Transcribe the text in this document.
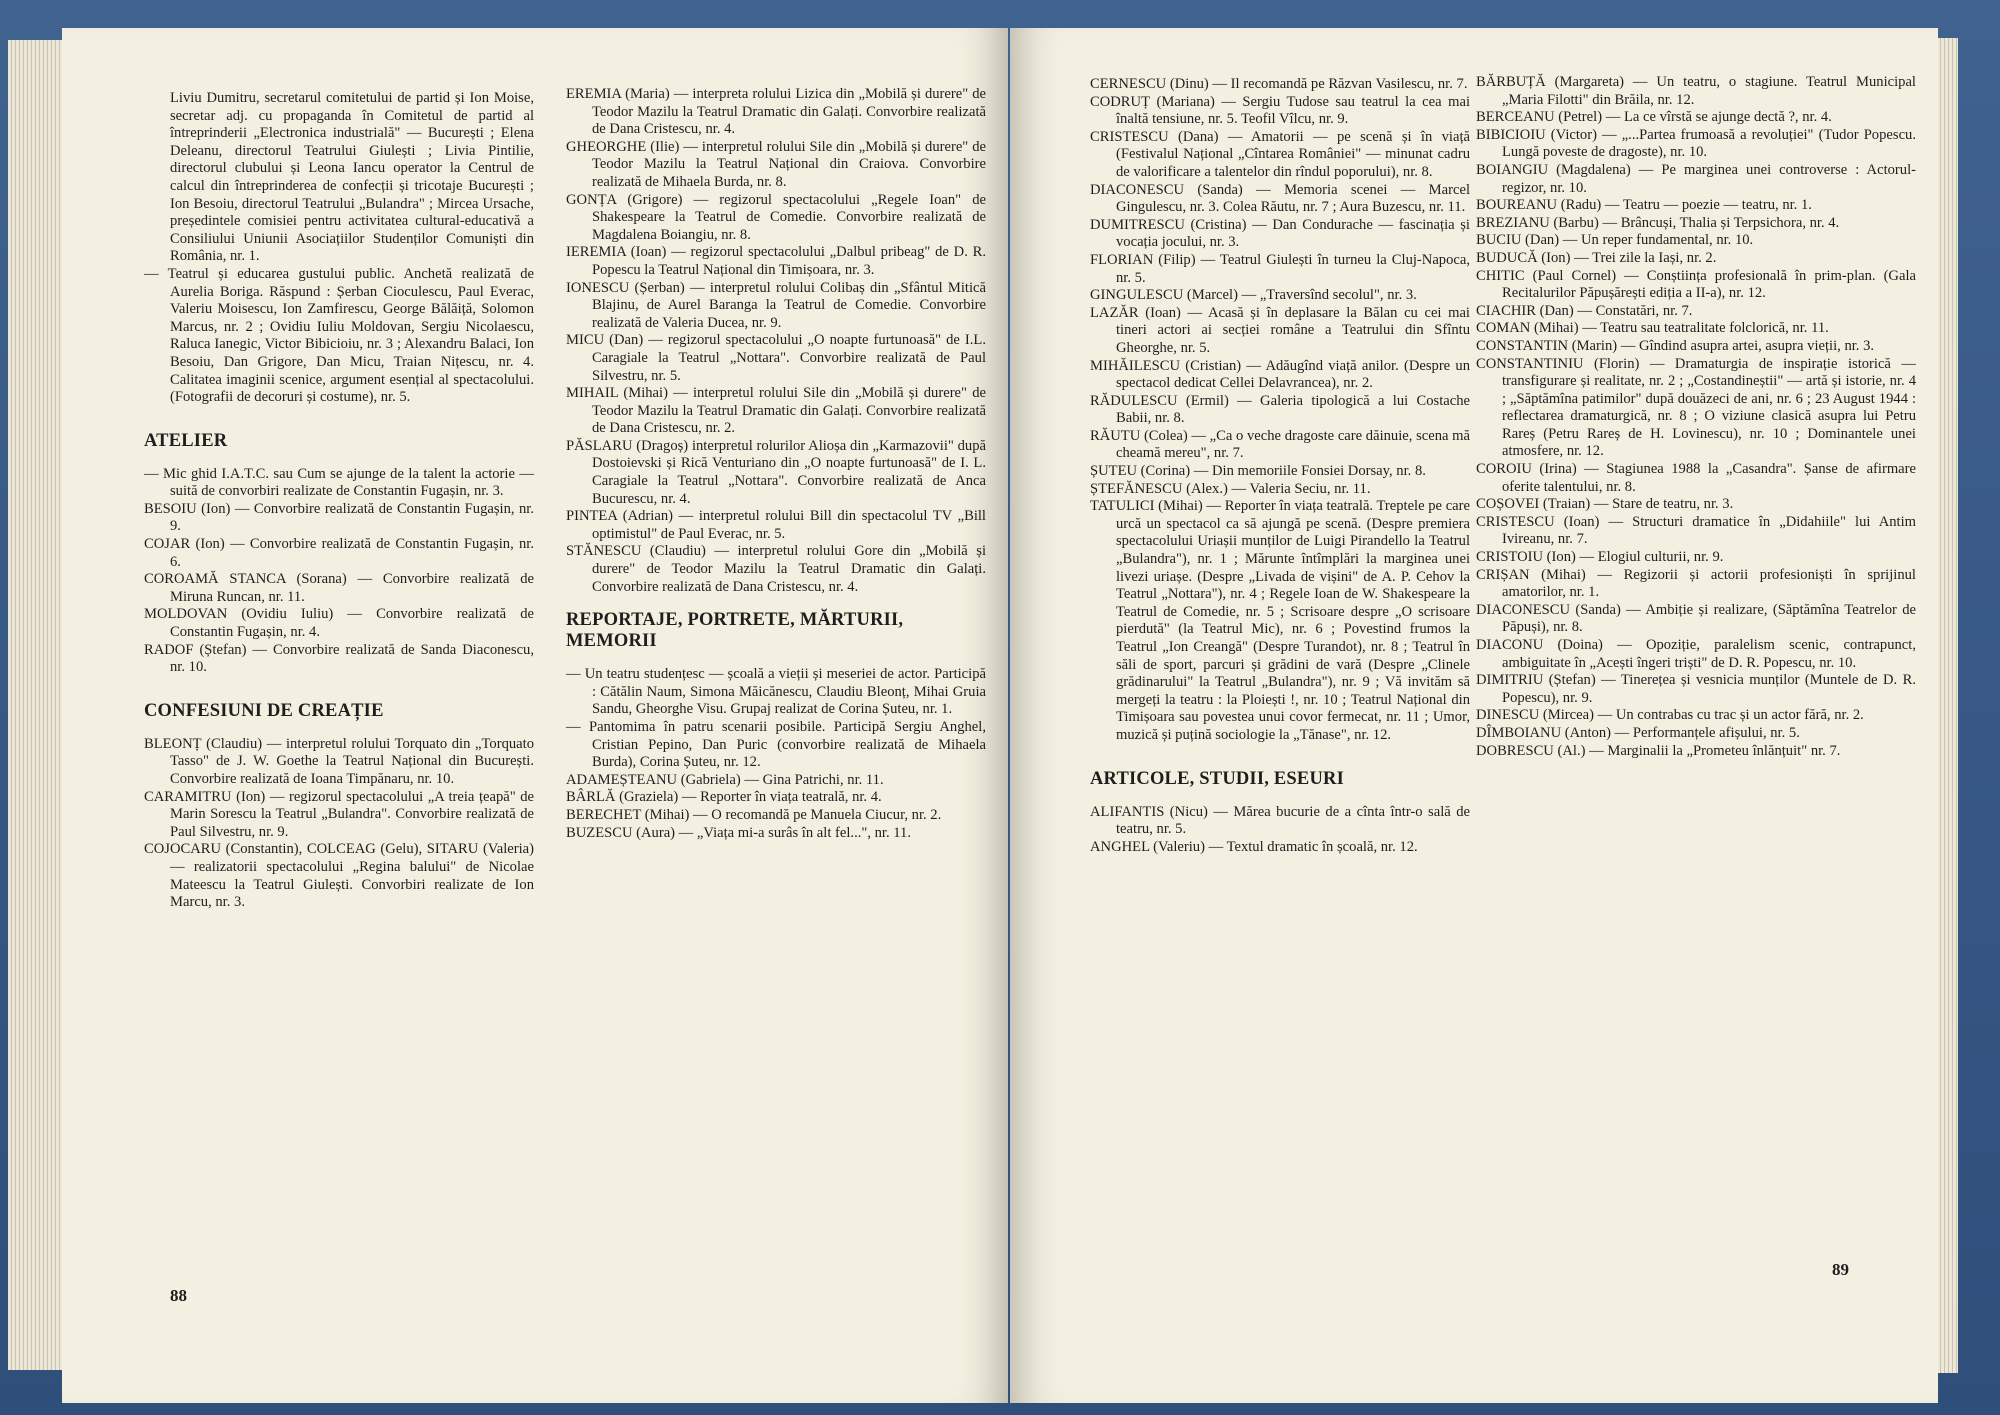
Liviu Dumitru, secretarul comitetului de partid și Ion Moise, secretar adj. cu propaganda în Comitetul de partid al întreprinderii „Electronica industrială" — București ; Elena Deleanu, directorul Teatrului Giulești ; Livia Pintilie, directorul clubului și Leona Iancu operator la Centrul de calcul din întreprinderea de confecții și tricotaje București ; Ion Besoiu, directorul Teatrului „Bulandra" ; Mircea Ursache, președintele comisiei pentru activitatea cultural-educativă a Consiliului Uniunii Asociațiilor Studenților Comuniști din România, nr. 1.

— Teatrul și educarea gustului public. Anchetă realizată de Aurelia Boriga. Răspund : Șerban Cioculescu, Paul Everac, Valeriu Moisescu, Ion Zamfirescu, George Bălăiță, Solomon Marcus, nr. 2 ; Ovidiu Iuliu Moldovan, Sergiu Nicolaescu, Raluca Ianegic, Victor Bibicioiu, nr. 3 ; Alexandru Balaci, Ion Besoiu, Dan Grigore, Dan Micu, Traian Nițescu, nr. 4. Calitatea imaginii scenice, argument esențial al spectacolului. (Fotografii de decoruri și costume), nr. 5.

ATELIER

— Mic ghid I.A.T.C. sau Cum se ajunge de la talent la actorie — suită de convorbiri realizate de Constantin Fugașin, nr. 3.

BESOIU (Ion) — Convorbire realizată de Constantin Fugașin, nr. 9.

COJAR (Ion) — Convorbire realizată de Constantin Fugașin, nr. 6.

COROAMĂ STANCA (Sorana) — Convorbire realizată de Miruna Runcan, nr. 11.

MOLDOVAN (Ovidiu Iuliu) — Convorbire realizată de Constantin Fugașin, nr. 4.

RADOF (Ștefan) — Convorbire realizată de Sanda Diaconescu, nr. 10.

CONFESIUNI DE CREAȚIE

BLEONȚ (Claudiu) — interpretul rolului Torquato din „Torquato Tasso" de J. W. Goethe la Teatrul Național din București. Convorbire realizată de Ioana Timpănaru, nr. 10.

CARAMITRU (Ion) — regizorul spectacolului „A treia țeapă" de Marin Sorescu la Teatrul „Bulandra". Convorbire realizată de Paul Silvestru, nr. 9.

COJOCARU (Constantin), COLCEAG (Gelu), SITARU (Valeria) — realizatorii spectacolului „Regina balului" de Nicolae Mateescu la Teatrul Giulești. Convorbiri realizate de Ion Marcu, nr. 3.

EREMIA (Maria) — interpreta rolului Lizica din „Mobilă și durere" de Teodor Mazilu la Teatrul Dramatic din Galați. Convorbire realizată de Dana Cristescu, nr. 4.

GHEORGHE (Ilie) — interpretul rolului Sile din „Mobilă și durere" de Teodor Mazilu la Teatrul Național din Craiova. Convorbire realizată de Mihaela Burda, nr. 8.

GONȚA (Grigore) — regizorul spectacolului „Regele Ioan" de Shakespeare la Teatrul de Comedie. Convorbire realizată de Magdalena Boiangiu, nr. 8.

IEREMIA (Ioan) — regizorul spectacolului „Dalbul pribeag" de D. R. Popescu la Teatrul Național din Timișoara, nr. 3.

IONESCU (Șerban) — interpretul rolului Colibaș din „Sfântul Mitică Blajinu, de Aurel Baranga la Teatrul de Comedie. Convorbire realizată de Valeria Ducea, nr. 9.

MICU (Dan) — regizorul spectacolului „O noapte furtunoasă" de I.L. Caragiale la Teatrul „Nottara". Convorbire realizată de Paul Silvestru, nr. 5.

MIHAIL (Mihai) — interpretul rolului Sile din „Mobilă și durere" de Teodor Mazilu la Teatrul Dramatic din Galați. Convorbire realizată de Dana Cristescu, nr. 2.

PĂSLARU (Dragoș) interpretul rolurilor Alioșa din „Karmazovii" după Dostoievski și Rică Venturiano din „O noapte furtunoasă" de I. L. Caragiale la Teatrul „Nottara". Convorbire realizată de Anca Bucurescu, nr. 4.

PINTEA (Adrian) — interpretul rolului Bill din spectacolul TV „Bill optimistul" de Paul Everac, nr. 5.

STĂNESCU (Claudiu) — interpretul rolului Gore din „Mobilă și durere" de Teodor Mazilu la Teatrul Dramatic din Galați. Convorbire realizată de Dana Cristescu, nr. 4.

REPORTAJE, PORTRETE, MĂRTURII, MEMORII

— Un teatru studențesc — școală a vieții și meseriei de actor. Participă : Cătălin Naum, Simona Măicănescu, Claudiu Bleonț, Mihai Gruia Sandu, Gheorghe Visu. Grupaj realizat de Corina Șuteu, nr. 1.

— Pantomima în patru scenarii posibile. Participă Sergiu Anghel, Cristian Pepino, Dan Puric (convorbire realizată de Mihaela Burda), Corina Șuteu, nr. 12.

ADAMEȘTEANU (Gabriela) — Gina Patrichi, nr. 11.

BÂRLĂ (Graziela) — Reporter în viața teatrală, nr. 4.

BERECHET (Mihai) — O recomandă pe Manuela Ciucur, nr. 2.

BUZESCU (Aura) — „Viața mi-a surâs în alt fel...", nr. 11.

88

CERNESCU (Dinu) — Il recomandă pe Răzvan Vasilescu, nr. 7.

CODRUȚ (Mariana) — Sergiu Tudose sau teatrul la cea mai înaltă tensiune, nr. 5. Teofil Vîlcu, nr. 9.

CRISTESCU (Dana) — Amatorii — pe scenă și în viață (Festivalul Național „Cîntarea României" — minunat cadru de valorificare a talentelor din rîndul poporului), nr. 8.

DIACONESCU (Sanda) — Memoria scenei — Marcel Gingulescu, nr. 3. Colea Răutu, nr. 7 ; Aura Buzescu, nr. 11.

DUMITRESCU (Cristina) — Dan Condurache — fascinația și vocația jocului, nr. 3.

FLORIAN (Filip) — Teatrul Giulești în turneu la Cluj-Napoca, nr. 5.

GINGULESCU (Marcel) — „Traversînd secolul", nr. 3.

LAZĂR (Ioan) — Acasă și în deplasare la Bălan cu cei mai tineri actori ai secției române a Teatrului din Sfîntu Gheorghe, nr. 5.

MIHĂILESCU (Cristian) — Adăugînd viață anilor. (Despre un spectacol dedicat Cellei Delavrancea), nr. 2.

RĂDULESCU (Ermil) — Galeria tipologică a lui Costache Babii, nr. 8.

RĂUTU (Colea) — „Ca o veche dragoste care dăinuie, scena mă cheamă mereu", nr. 7.

ȘUTEU (Corina) — Din memoriile Fonsiei Dorsay, nr. 8.

ȘTEFĂNESCU (Alex.) — Valeria Seciu, nr. 11.

TATULICI (Mihai) — Reporter în viața teatrală. Treptele pe care urcă un spectacol ca să ajungă pe scenă. (Despre premiera spectacolului Uriașii munților de Luigi Pirandello la Teatrul „Bulandra"), nr. 1 ; Mărunte întîmplări la marginea unei livezi uriașe. (Despre „Livada de vișini" de A. P. Cehov la Teatrul „Nottara"), nr. 4 ; Regele Ioan de W. Shakespeare la Teatrul de Comedie, nr. 5 ; Scrisoare despre „O scrisoare pierdută" (la Teatrul Mic), nr. 6 ; Povestind frumos la Teatrul „Ion Creangă" (Despre Turandot), nr. 8 ; Teatrul în săli de sport, parcuri și grădini de vară (Despre „Clinele grădinarului" la Teatrul „Bulandra"), nr. 9 ; Vă invităm să mergeți la teatru : la Ploiești !, nr. 10 ; Teatrul Național din Timișoara sau povestea unui covor fermecat, nr. 11 ; Umor, muzică și puțină sociologie la „Tănase", nr. 12.

ARTICOLE, STUDII, ESEURI

ALIFANTIS (Nicu) — Mărea bucurie de a cînta într-o sală de teatru, nr. 5.

ANGHEL (Valeriu) — Textul dramatic în școală, nr. 12.

BĂRBUȚĂ (Margareta) — Un teatru, o stagiune. Teatrul Municipal „Maria Filotti" din Brăila, nr. 12.

BERCEANU (Petrel) — La ce vîrstă se ajunge dectă ?, nr. 4.

BIBICIOIU (Victor) — „...Partea frumoasă a revoluției" (Tudor Popescu. Lungă poveste de dragoste), nr. 10.

BOIANGIU (Magdalena) — Pe marginea unei controverse : Actorul-regizor, nr. 10.

BOUREANU (Radu) — Teatru — poezie — teatru, nr. 1.

BREZIANU (Barbu) — Brâncuși, Thalia și Terpsichora, nr. 4.

BUCIU (Dan) — Un reper fundamental, nr. 10.

BUDUCĂ (Ion) — Trei zile la Iași, nr. 2.

CHITIC (Paul Cornel) — Conștiința profesională în prim-plan. (Gala Recitalurilor Păpușărești ediția a II-a), nr. 12.

CIACHIR (Dan) — Constatări, nr. 7.

COMAN (Mihai) — Teatru sau teatralitate folclorică, nr. 11.

CONSTANTIN (Marin) — Gîndind asupra artei, asupra vieții, nr. 3.

CONSTANTINIU (Florin) — Dramaturgia de inspirație istorică — transfigurare și realitate, nr. 2 ; „Costandineștii" — artă și istorie, nr. 4 ; „Săptămîna patimilor" după douăzeci de ani, nr. 6 ; 23 August 1944 : reflectarea dramaturgică, nr. 8 ; O viziune clasică asupra lui Petru Rareș (Petru Rareș de H. Lovinescu), nr. 10 ; Dominantele unei atmosfere, nr. 12.

COROIU (Irina) — Stagiunea 1988 la „Casandra". Șanse de afirmare oferite talentului, nr. 8.

COȘOVEI (Traian) — Stare de teatru, nr. 3.

CRISTESCU (Ioan) — Structuri dramatice în „Didahiile" lui Antim Ivireanu, nr. 7.

CRISTOIU (Ion) — Elogiul culturii, nr. 9.

CRIȘAN (Mihai) — Regizorii și actorii profesioniști în sprijinul amatorilor, nr. 1.

DIACONESCU (Sanda) — Ambiție și realizare, (Săptămîna Teatrelor de Păpuși), nr. 8.

DIACONU (Doina) — Opoziție, paralelism scenic, contrapunct, ambiguitate în „Acești îngeri triști" de D. R. Popescu, nr. 10.

DIMITRIU (Ștefan) — Tinerețea și vesnicia munților (Muntele de D. R. Popescu), nr. 9.

DINESCU (Mircea) — Un contrabas cu trac și un actor fără, nr. 2.

DÎMBOIANU (Anton) — Performanțele afișului, nr. 5.

DOBRESCU (Al.) — Marginalii la „Prometeu înlănțuit" nr. 7.

89
